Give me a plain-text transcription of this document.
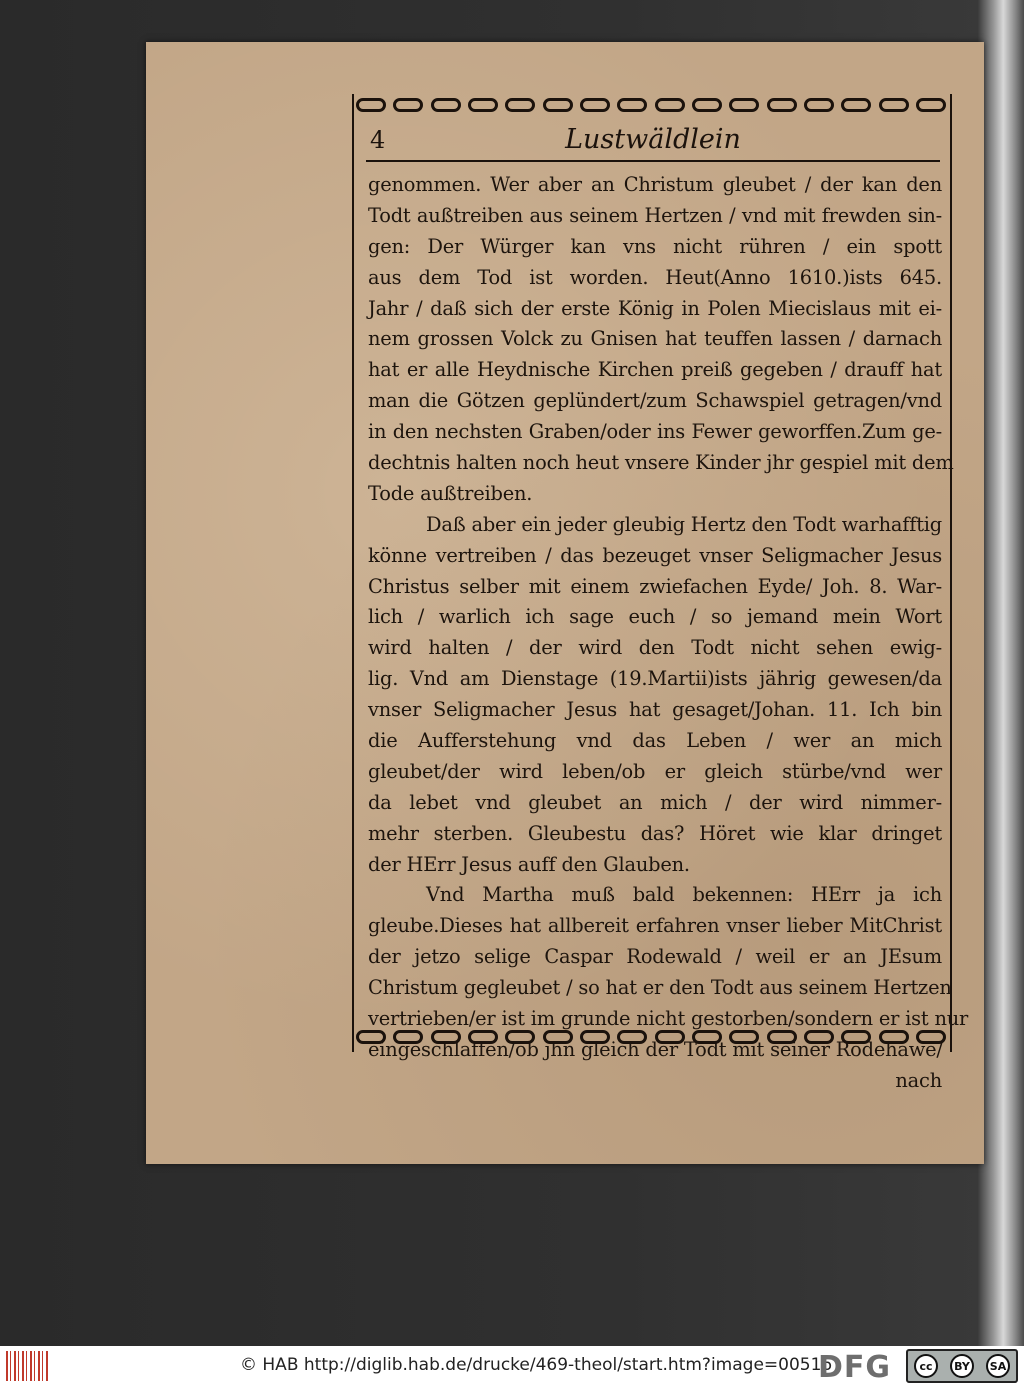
4	Lustwäldlein
genommen. Wer aber an Christum gleubet / der kan den
Todt außtreiben aus seinem Hertzen / vnd mit frewden sin-
gen: Der Würger kan vns nicht rühren / ein spott
aus dem Tod ist worden. Heut(Anno 1610.)ists 645.
Jahr / daß sich der erste König in Polen Miecislaus mit ei-
nem grossen Volck zu Gnisen hat teuffen lassen / darnach
hat er alle Heydnische Kirchen preiß gegeben / drauff hat
man die Götzen geplündert/zum Schawspiel getragen/vnd
in den nechsten Graben/oder ins Fewer geworffen.Zum ge-
dechtnis halten noch heut vnsere Kinder jhr gespiel mit dem
Tode außtreiben.
Daß aber ein jeder gleubig Hertz den Todt warhafftig
könne vertreiben / das bezeuget vnser Seligmacher Jesus
Christus selber mit einem zwiefachen Eyde/ Joh. 8. War-
lich / warlich ich sage euch / so jemand mein Wort
wird halten / der wird den Todt nicht sehen ewig-
lig. Vnd am Dienstage (19.Martii)ists jährig gewesen/da
vnser Seligmacher Jesus hat gesaget/Johan. 11. Ich bin
die Aufferstehung vnd das Leben / wer an mich
gleubet/der wird leben/ob er gleich stürbe/vnd wer
da lebet vnd gleubet an mich / der wird nimmer-
mehr sterben. Gleubestu das? Höret wie klar dringet
der HErr Jesus auff den Glauben.
Vnd Martha muß bald bekennen: HErr ja ich
gleube.Dieses hat allbereit erfahren vnser lieber MitChrist
der jetzo selige Caspar Rodewald / weil er an JEsum
Christum gegleubet / so hat er den Todt aus seinem Hertzen
vertrieben/er ist im grunde nicht gestorben/sondern er ist nur
eingeschlaffen/ob jhn gleich der Todt mit seiner Rodehawe/
nach
© HAB http://diglib.hab.de/drucke/469-theol/start.htm?image=00516
DFG	cc	BY	SA
